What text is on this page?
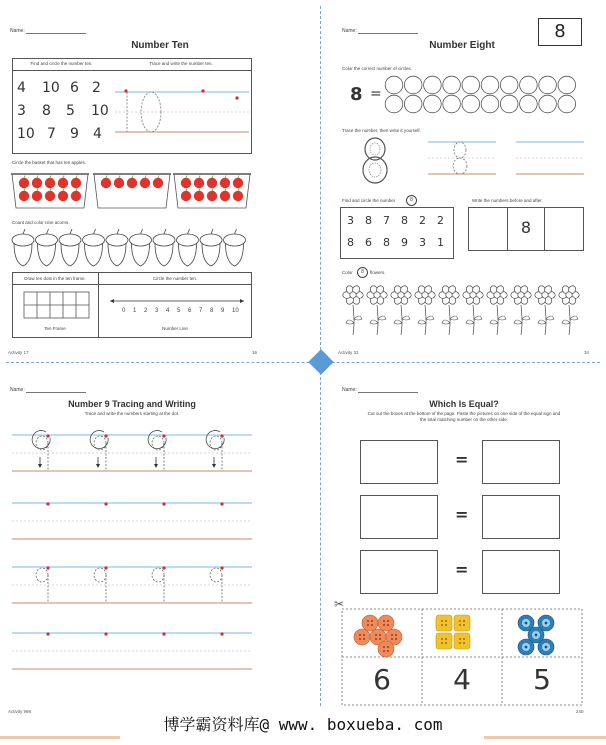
Name:
Number Ten
Find and circle the number ten.	Trace and write the number ten.
4 10 6 2
3 8 5 10
10 7 9 4
Circle the basket that has ten apples.
Count and color nine acorns.
Draw ten dots in the ten frame.	Circle the number ten.
Ten Frame
0 1 2 3 4 5 6 7 8 9 10
Number Line
Activity 17	16
Name:	8
Number Eight
Color the correct number of circles.
8 =
Trace the number, then write it yourself.
Find and circle the number	8	Write the numbers before and after.
3 8 7 8 2 2
8 6 8 9 3 1
8
Color	8	flowers.
Activity 31	34
Name:
Number 9 Tracing and Writing
Trace and write the numbers starting at the dot.
Activity 998
Name:
Which Is Equal?
Cut out the boxes at the bottom of the page. Paste the pictures on one side of the equal sign and
the total matching number on the other side.
=
=
=
✂
6	4	5
240
博学霸资料库@ www. boxueba. com
